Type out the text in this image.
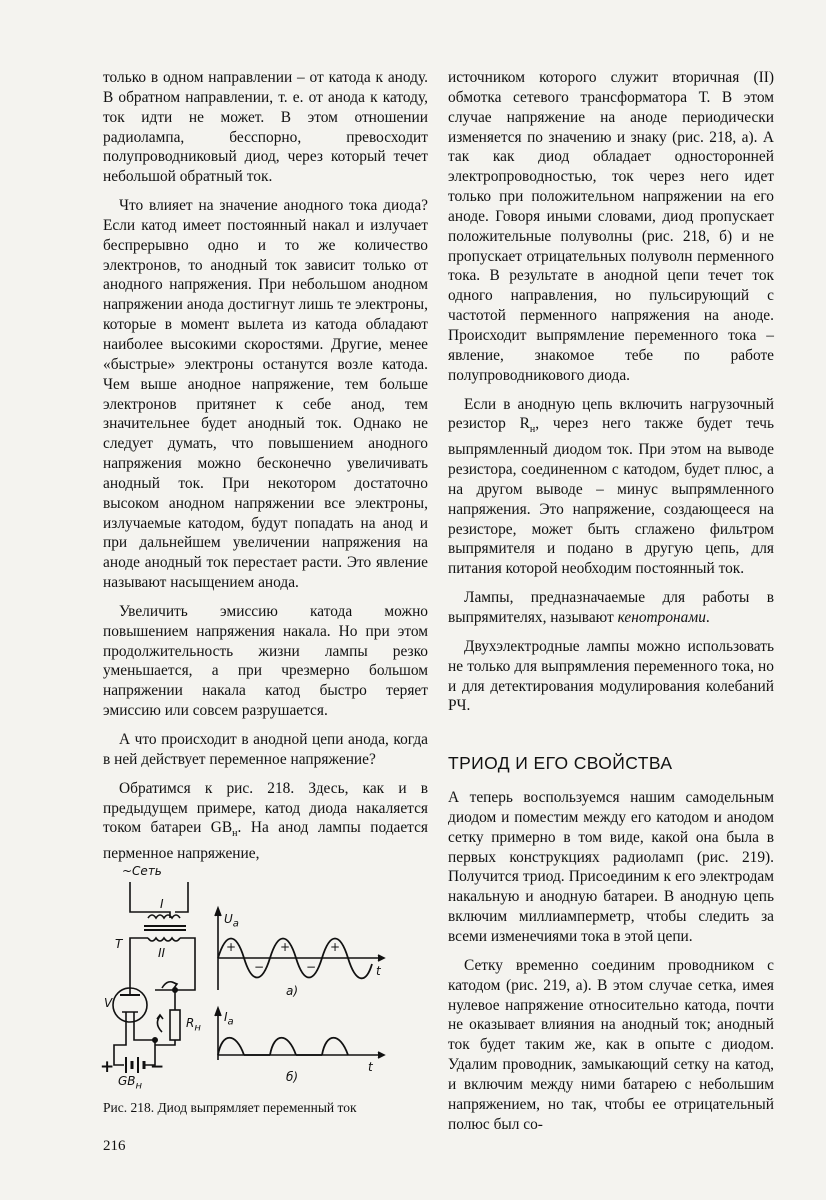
только в одном направлении – от катода к аноду. В обратном направлении, т. е. от анода к катоду, ток идти не может. В этом отношении радиолампа, бесспорно, превосходит полупроводниковый диод, через который течет небольшой обратный ток.

Что влияет на значение анодного тока диода? Если катод имеет постоянный накал и излучает беспрерывно одно и то же количество электронов, то анодный ток зависит только от анодного напряжения. При небольшом анодном напряжении анода достигнут лишь те электроны, которые в момент вылета из катода обладают наиболее высокими скоростями. Другие, менее «быстрые» электроны останутся возле катода. Чем выше анодное напряжение, тем больше электронов притянет к себе анод, тем значительнее будет анодный ток. Однако не следует думать, что повышением анодного напряжения можно бесконечно увеличивать анодный ток. При некотором достаточно высоком анодном напряжении все электроны, излучаемые катодом, будут попадать на анод и при дальнейшем увеличении напряжения на аноде анодный ток перестает расти. Это явление называют насыщением анода.

Увеличить эмиссию катода можно повышением напряжения накала. Но при этом продолжительность жизни лампы резко уменьшается, а при чрезмерно большом напряжении накала катод быстро теряет эмиссию или совсем разрушается.

А что происходит в анодной цепи анода, когда в ней действует переменное напряжение?

Обратимся к рис. 218. Здесь, как и в предыдущем примере, катод диода накаляется током батареи $GB_н$. На анод лампы подается перменное напряжение,

источником которого служит вторичная (II) обмотка сетевого трансформатора Т. В этом случае напряжение на аноде периодически изменяется по значению и знаку (рис. 218, а). А так как диод обладает односторонней электропроводностью, ток через него идет только при положительном напряжении на его аноде. Говоря иными словами, диод пропускает положительные полуволны (рис. 218, б) и не пропускает отрицательных полуволн перменного тока. В результате в анодной цепи течет ток одного направления, но пульсирующий с частотой перменного напряжения на аноде. Происходит выпрямление переменного тока – явление, знакомое тебе по работе полупроводникового диода.

Если в анодную цепь включить нагрузочный резистор $R_н$, через него также будет течь выпрямленный диодом ток. При этом на выводе резистора, соединенном с катодом, будет плюс, а на другом выводе – минус выпрямленного напряжения. Это напряжение, создающееся на резисторе, может быть сглажено фильтром выпрямителя и подано в другую цепь, для питания которой необходим постоянный ток.

Лампы, предназначаемые для работы в выпрямителях, называют кенотронами.

Двухэлектродные лампы можно использовать не только для выпрямления переменного тока, но и для детектирования модулирования колебаний РЧ.

ТРИОД И ЕГО СВОЙСТВА

А теперь воспользуемся нашим самодельным диодом и поместим между его катодом и анодом сетку примерно в том виде, какой она была в первых конструкциях радиоламп (рис. 219). Получится триод. Присоединим к его электродам накальную и анодную батареи. В анодную цепь включим миллиамперметр, чтобы следить за всеми изменечиями тока в этой цепи.

Сетку временно соединим проводником с катодом (рис. 219, а). В этом случае сетка, имея нулевое напряжение относительно катода, почти не оказывает влияния на анодный ток; анодный ток будет таким же, как в опыте с диодом. Удалим проводник, замыкающий сетку на катод, и включим между ними батарею с небольшим напряжением, но так, чтобы ее отрицательный полюс был со-

~Сеть
T
I
II
V
$R_н$
+ −
$GB_н$
$U_a$
$I_a$
t
t
а)
б)
+	+	+
−	−
Рис. 218. Диод выпрямляет переменный ток
216
